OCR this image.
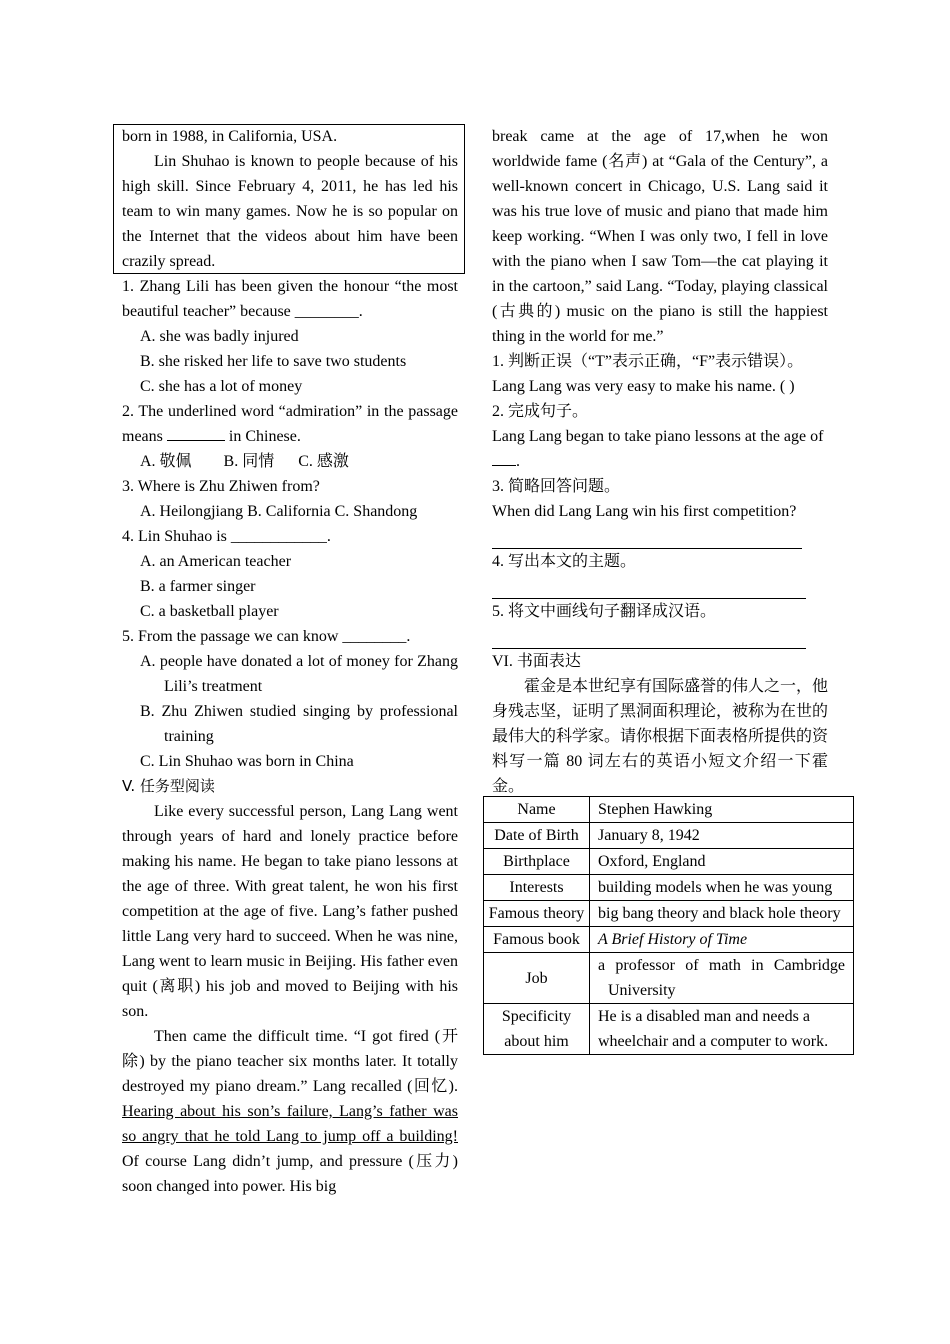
born in 1988, in California, USA.

Lin Shuhao is known to people because of his high skill. Since February 4, 2011, he has led his team to win many games. Now he is so popular on the Internet that the videos about him have been crazily spread.

1. Zhang Lili has been given the honour “the most beautiful teacher” because ________.

A. she was badly injured

B. she risked her life to save two students

C. she has a lot of money

2. The underlined word “admiration” in the passage means	in Chinese.

A. 敬佩        B. 同情      C. 感激

3. Where is Zhu Zhiwen from?

A. Heilongjiang B. California C. Shandong

4. Lin Shuhao is ____________.

A. an American teacher

B. a farmer singer

C. a basketball player

5. From the passage we can know ________.

A. people have donated a lot of money for Zhang Lili’s treatment

B. Zhu Zhiwen studied singing by professional training

C. Lin Shuhao was born in China

V. 任务型阅读

Like every successful person, Lang Lang went through years of hard and lonely practice before making his name. He began to take piano lessons at the age of three. With great talent, he won his first competition at the age of five. Lang’s father pushed little Lang very hard to succeed. When he was nine, Lang went to learn music in Beijing. His father even quit (离职) his job and moved to Beijing with his son.

Then came the difficult time. “I got fired (开除) by the piano teacher six months later. It totally destroyed my piano dream.” Lang recalled (回忆). Hearing about his son’s failure, Lang’s father was so angry that he told Lang to jump off a building! Of course Lang didn’t jump, and pressure (压力) soon changed into power. His big

break came at the age of 17,when he won worldwide fame (名声) at “Gala of the Century”, a well-known concert in Chicago, U.S. Lang said it was his true love of music and piano that made him keep working. “When I was only two, I fell in love with the piano when I saw Tom—the cat playing it in the cartoon,” said Lang. “Today, playing classical (古典的) music on the piano is still the happiest thing in the world for me.”

1. 判断正误（“T”表示正确，“F”表示错误）。

Lang Lang was very easy to make his name. ( )

2. 完成句子。

Lang Lang began to take piano lessons at the age of .

3. 简略回答问题。

When did Lang Lang win his first competition?

4. 写出本文的主题。

5. 将文中画线句子翻译成汉语。

VI. 书面表达

霍金是本世纪享有国际盛誉的伟人之一，他身残志坚，证明了黑洞面积理论，被称为在世的最伟大的科学家。请你根据下面表格所提供的资料写一篇 80 词左右的英语小短文介绍一下霍金。

Name	Stephen Hawking
Date of Birth	January 8, 1942
Birthplace	Oxford, England
Interests	building models when he was young
Famous theory	big bang theory and black hole theory
Famous book	A Brief History of Time
Job	a professor of math in Cambridge University

Specificity about him	He is a disabled man and needs a wheelchair and a computer to work.
